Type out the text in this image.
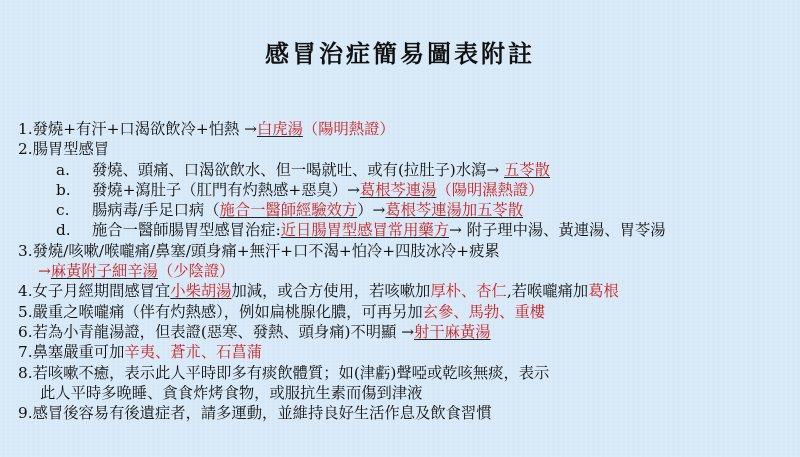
感冒治症簡易圖表附註
1.發燒+有汗+口渴欲飲冷+怕熱 →白虎湯（陽明熱證）
2.腸胃型感冒
a. 發燒、頭痛、口渴欲飲水、但一喝就吐、或有(拉肚子)水瀉→ 五苓散
b. 發燒+瀉肚子（肛門有灼熱感+惡臭）→葛根芩連湯（陽明濕熱證）
c. 腸病毒/手足口病（施合一醫師經驗效方）→葛根芩連湯加五苓散
d. 施合一醫師腸胃型感冒治症:近日腸胃型感冒常用藥方→ 附子理中湯、黃連湯、胃苓湯
3.發燒/咳嗽/喉嚨痛/鼻塞/頭身痛+無汗+口不渴+怕冷+四肢冰冷+疲累
→麻黃附子細辛湯（少陰證）
4.女子月經期間感冒宜小柴胡湯加減，或合方使用，若咳嗽加厚朴、杏仁,若喉嚨痛加葛根
5.嚴重之喉嚨痛（伴有灼熱感），例如扁桃腺化膿，可再另加玄參、馬勃、重樓
6.若為小青龍湯證，但表證(惡寒、發熱、頭身痛)不明顯 →射干麻黃湯
7.鼻塞嚴重可加辛夷、蒼朮、石菖蒲
8.若咳嗽不癒，表示此人平時即多有痰飲體質；如(津虧)聲啞或乾咳無痰，表示
此人平時多晚睡、貪食炸烤食物，或服抗生素而傷到津液
9.感冒後容易有後遺症者，請多運動，並維持良好生活作息及飲食習慣
